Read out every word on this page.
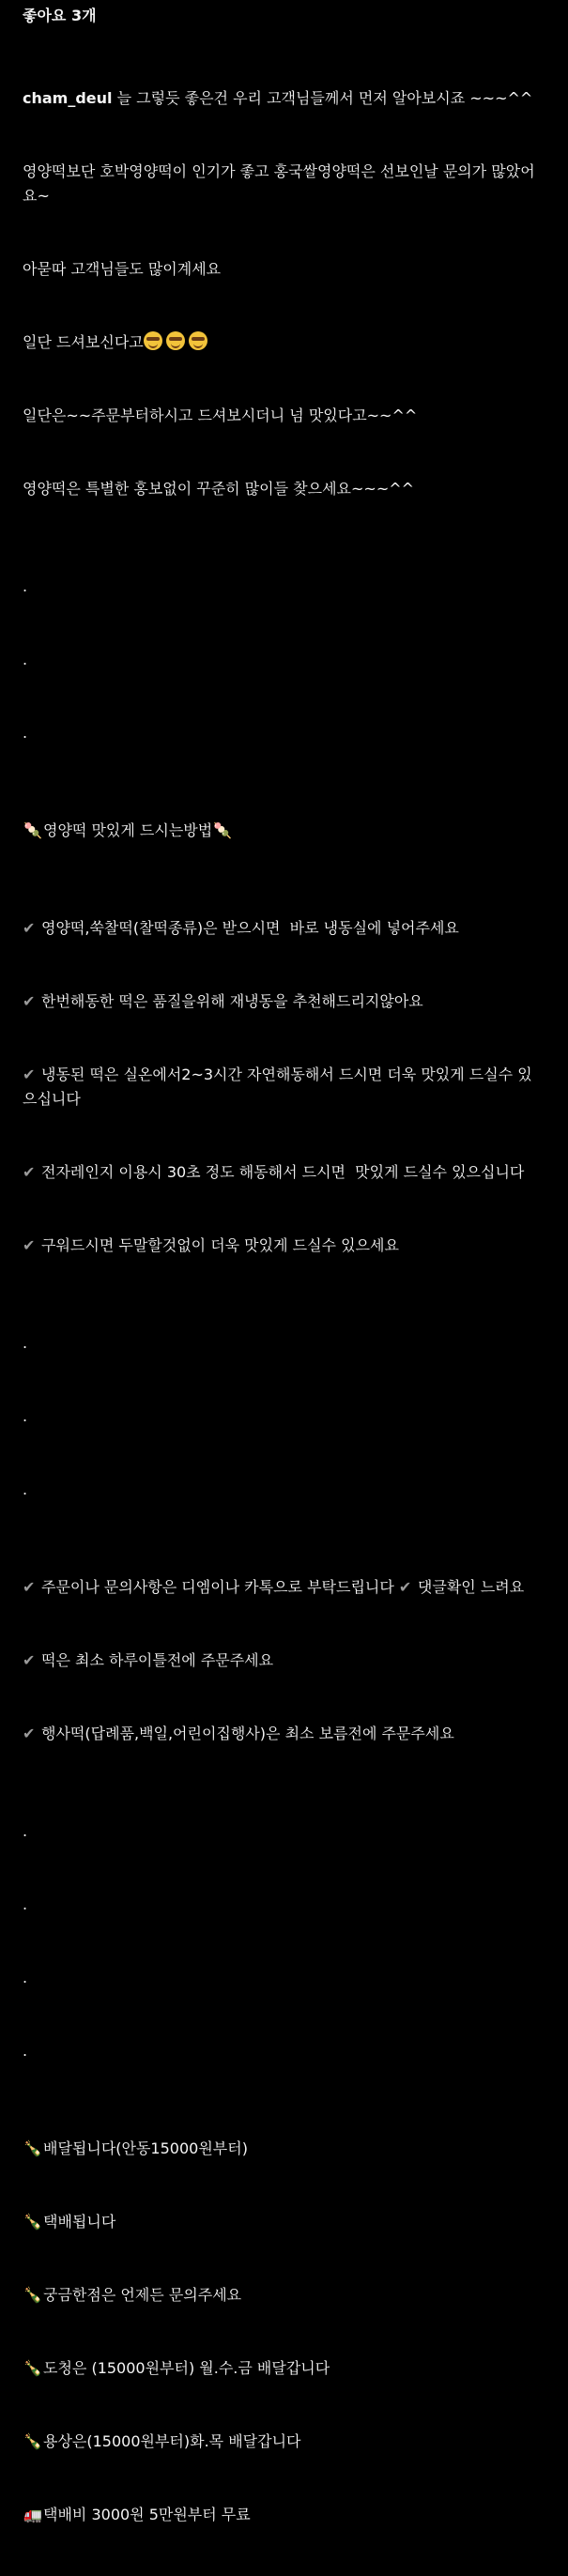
좋아요 3개

cham_deul 늘 그렇듯 좋은건 우리 고객님들께서 먼저 알아보시죠 ~~~^^

영양떡보단 호박영양떡이 인기가 좋고 홍국쌀영양떡은 선보인날 문의가 많았어요~

아묻따 고객님들도 많이계세요

일단 드셔보신다고

일단은~~주문부터하시고 드셔보시더니 넘 맛있다고~~^^

영양떡은 특별한 홍보없이 꾸준히 많이들 찾으세요~~~^^

.

.

.

🍡영양떡 맛있게 드시는방법🍡

✔ 영양떡,쑥찰떡(찰떡종류)은 받으시면  바로 냉동실에 넣어주세요

✔ 한번해동한 떡은 품질을위해 재냉동을 추천해드리지않아요

✔ 냉동된 떡은 실온에서2~3시간 자연해동해서 드시면 더욱 맛있게 드실수 있으십니다

✔ 전자레인지 이용시 30초 정도 해동해서 드시면  맛있게 드실수 있으십니다

✔ 구워드시면 두말할것없이 더욱 맛있게 드실수 있으세요

.

.

.

✔ 주문이나 문의사항은 디엠이나 카톡으로 부탁드립니다 ✔ 댓글확인 느려요

✔ 떡은 최소 하루이틀전에 주문주세요

✔ 행사떡(답례품,백일,어린이집행사)은 최소 보름전에 주문주세요

.

.

.

.

🍾배달됩니다(안동15000원부터)

🍾택배됩니다

🍾궁금한점은 언제든 문의주세요

🍾도청은 (15000원부터) 월.수.금 배달갑니다

🍾용상은(15000원부터)화.목 배달갑니다

🚛택배비 3000원 5만원부터 무료
